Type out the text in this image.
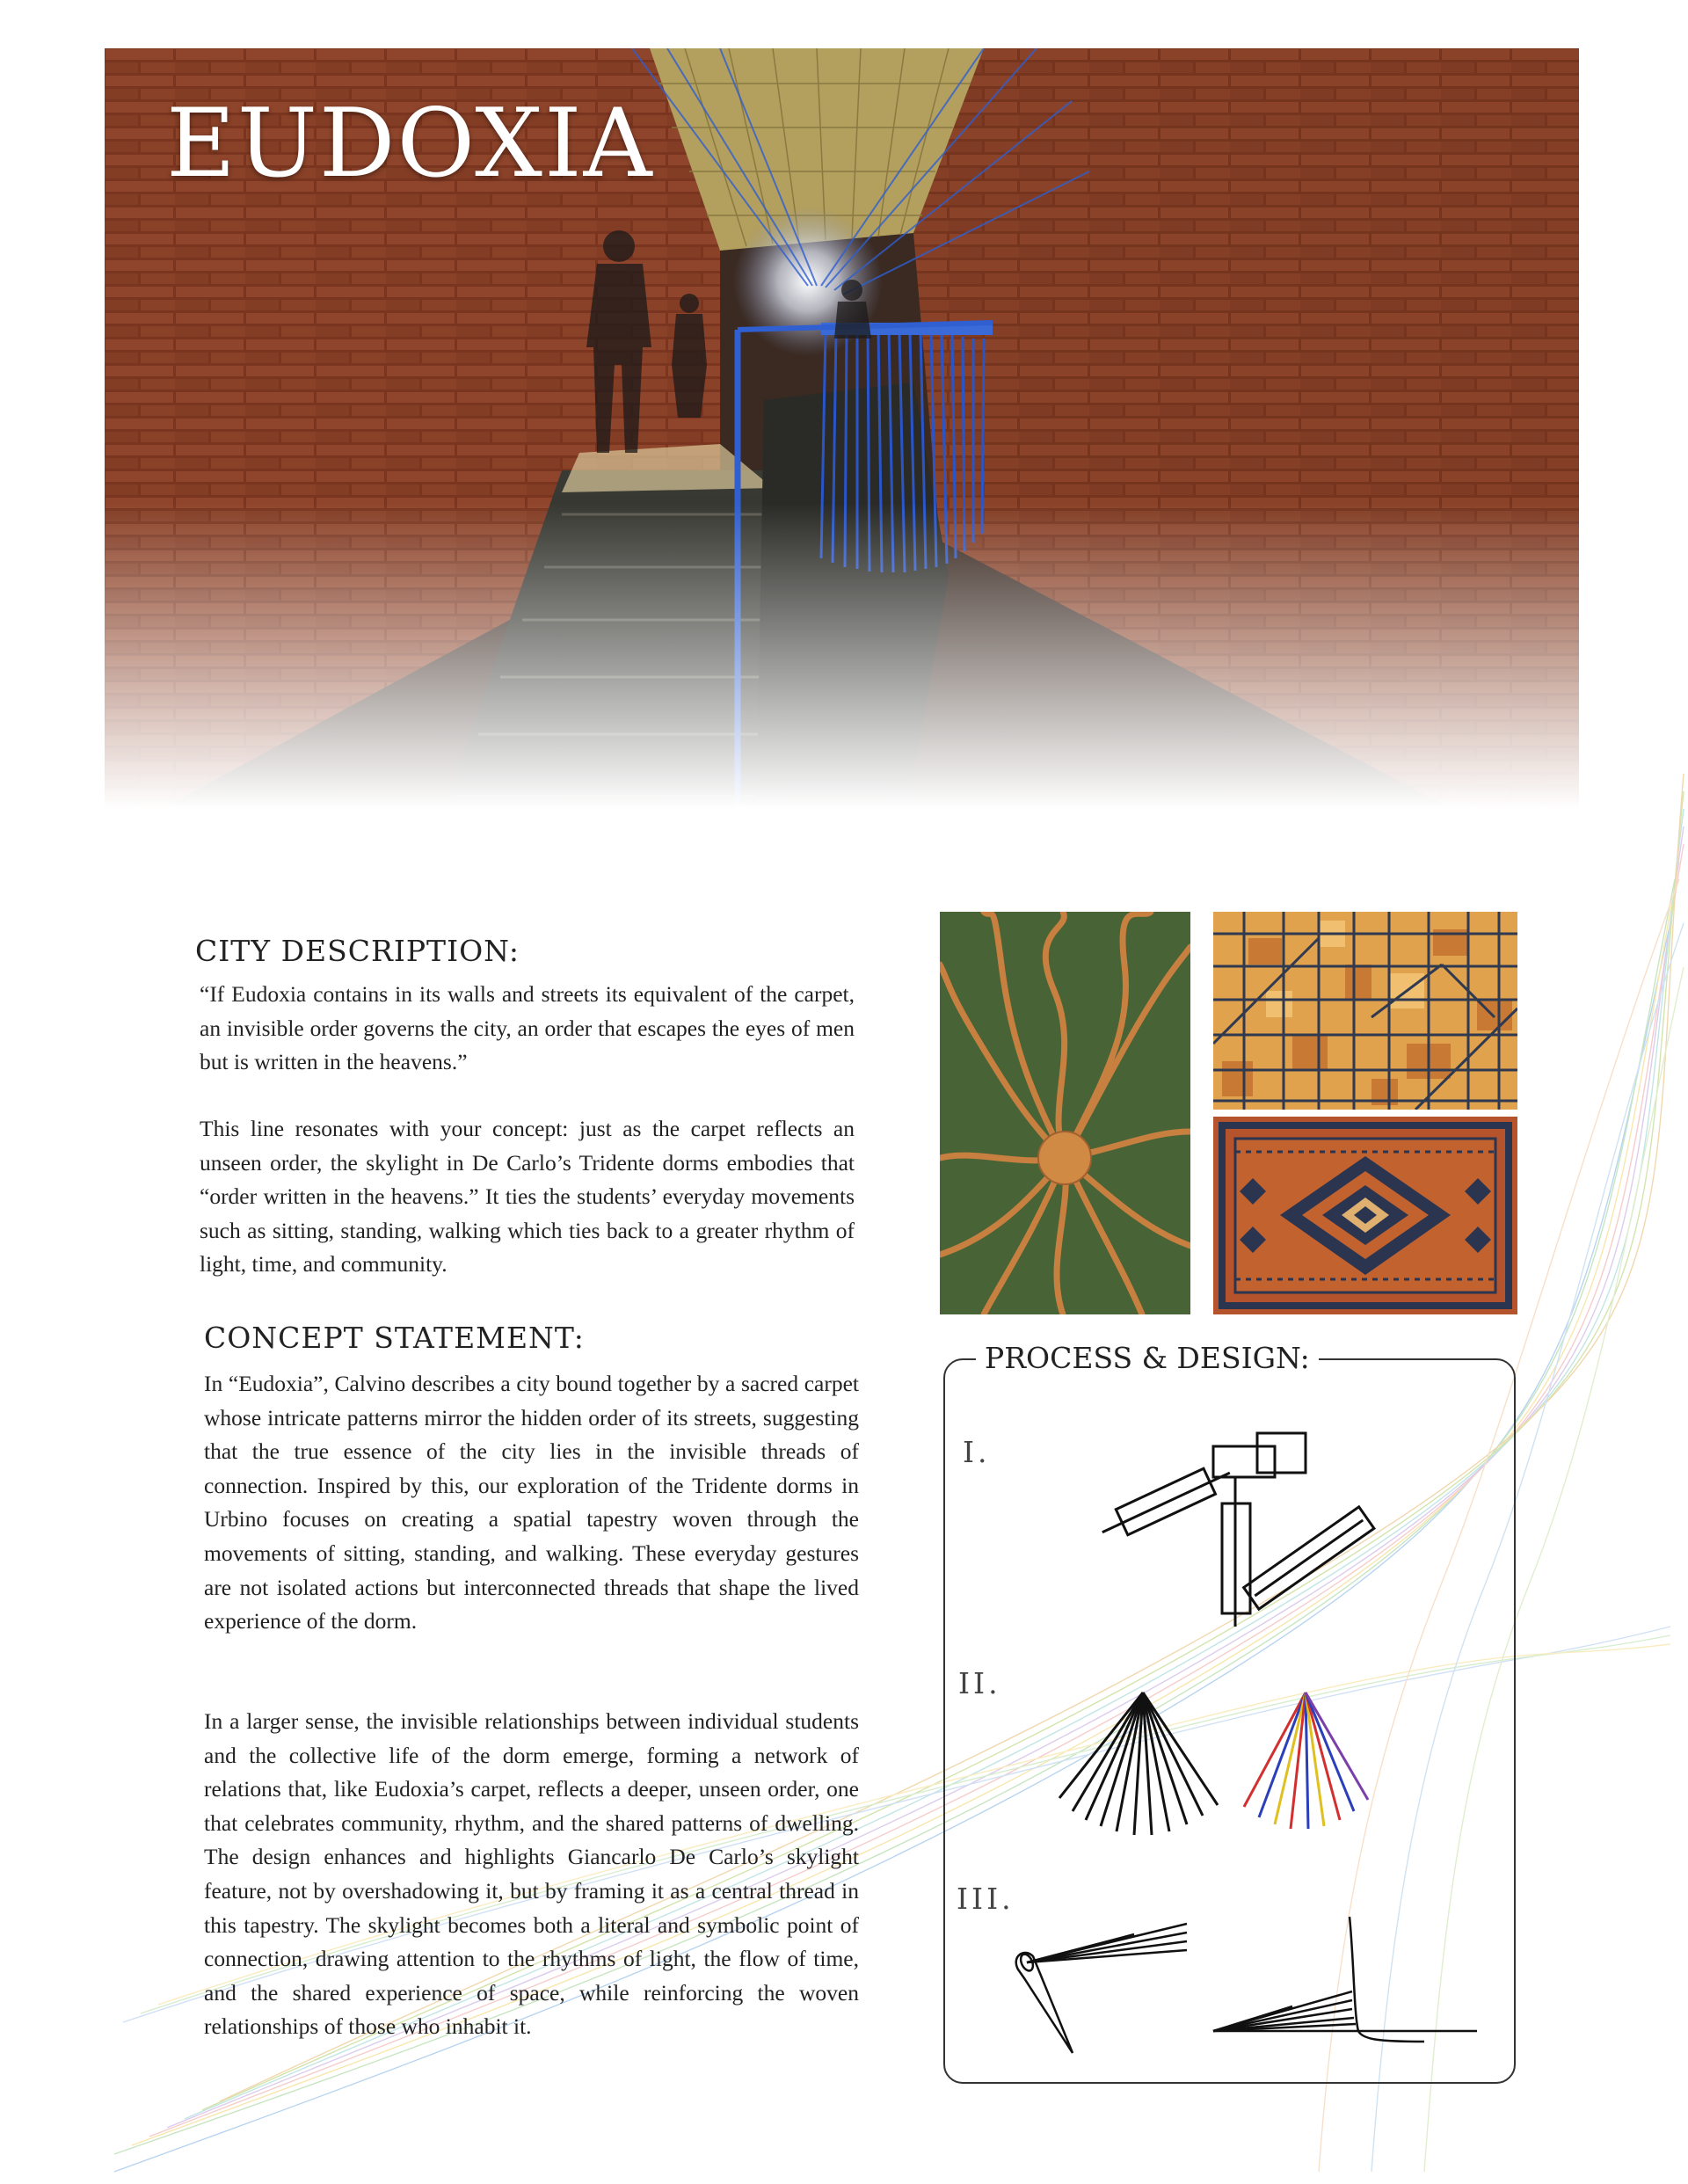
EUDOXIA
CITY DESCRIPTION:

“If Eudoxia contains in its walls and streets its equivalent of the carpet, an invisible order governs the city, an order that escapes the eyes of men but is written in the heavens.”

This line resonates with your concept: just as the carpet reflects an unseen order, the skylight in De Carlo’s Tridente dorms embodies that “order written in the heavens.” It ties the students’ everyday movements such as sitting, standing, walking which ties back to a greater rhythm of light, time, and community.

CONCEPT STATEMENT:

In “Eudoxia”, Calvino describes a city bound together by a sacred carpet whose intricate patterns mirror the hidden order of its streets, suggesting that the true essence of the city lies in the invisible threads of connection. Inspired by this, our exploration of the Tridente dorms in Urbino focuses on creating a spatial tapestry woven through the movements of sitting, standing, and walking. These everyday gestures are not isolated actions but interconnected threads that shape the lived experience of the dorm.

In a larger sense, the invisible relationships between individual students and the collective life of the dorm emerge, forming a network of relations that, like Eudoxia’s carpet, reflects a deeper, unseen order, one that celebrates community, rhythm, and the shared patterns of dwelling. The design enhances and highlights Giancarlo De Carlo’s skylight feature, not by overshadowing it, but by framing it as a central thread in this tapestry. The skylight becomes both a literal and symbolic point of connection, drawing attention to the rhythms of light, the flow of time, and the shared experience of space, while reinforcing the woven relationships of those who inhabit it.

PROCESS & DESIGN:
I.
II.
III.
